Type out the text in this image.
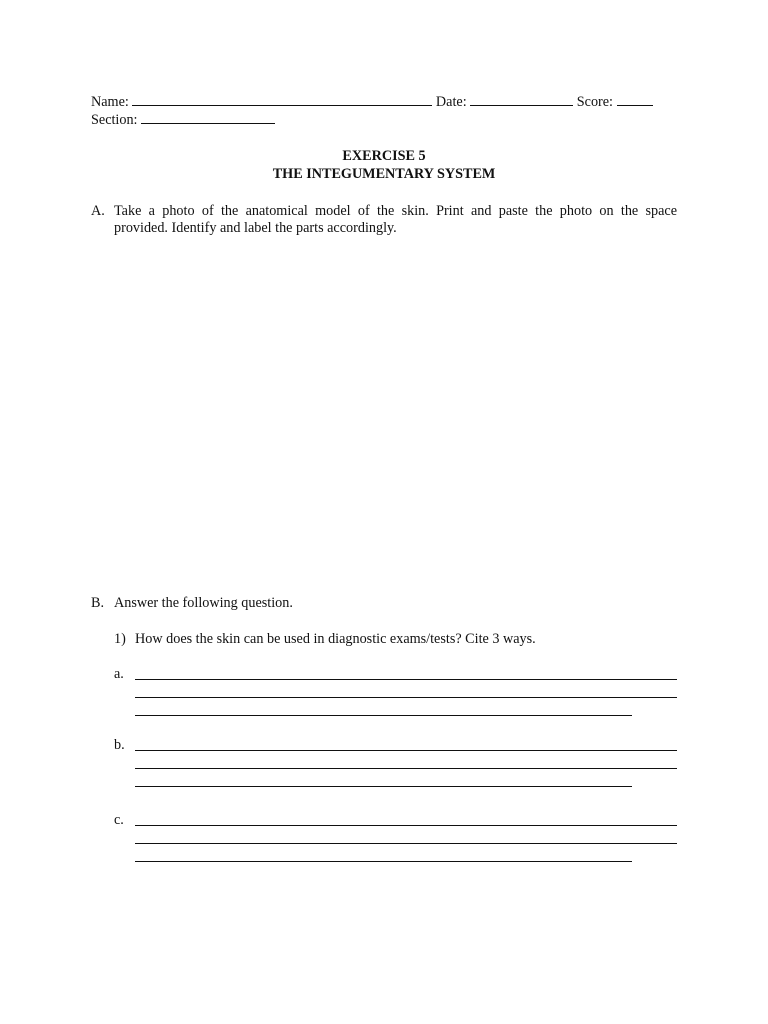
Name:	Date:	Score:
Section:
EXERCISE 5
THE INTEGUMENTARY SYSTEM
A. Take a photo of the anatomical model of the skin. Print and paste the photo on the space
provided. Identify and label the parts accordingly.
B. Answer the following question.
1) How does the skin can be used in diagnostic exams/tests? Cite 3 ways.
a.
b.
c.
